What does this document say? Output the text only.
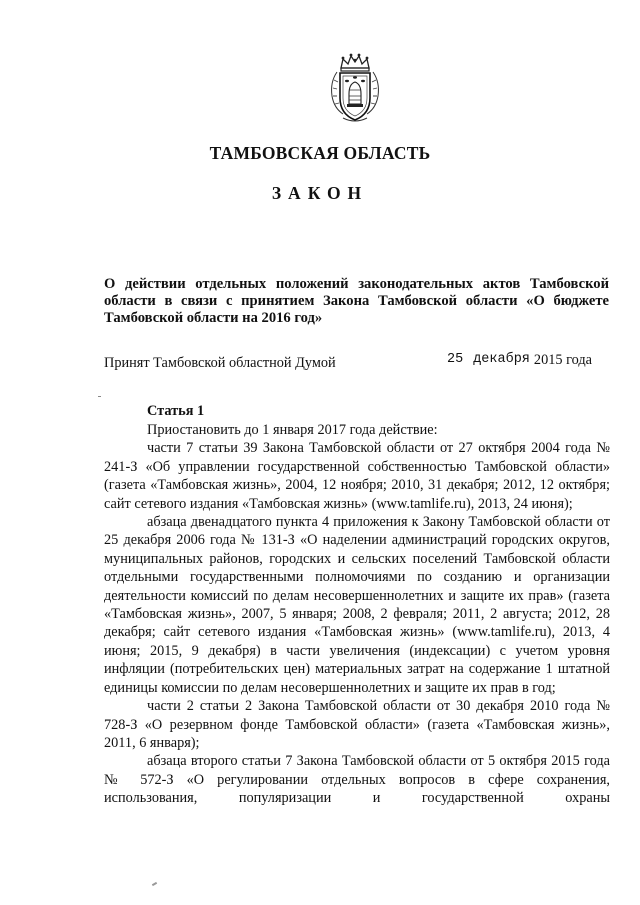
ТАМБОВСКАЯ ОБЛАСТЬ
ЗАКОН
О действии отдельных положений законодательных актов Тамбовской области в связи с принятием Закона Тамбовской области «О бюджете Тамбовской области на 2016 год»
Принят Тамбовской областной Думой	25 декабря 2015 года
Статья 1

Приостановить до 1 января 2017 года действие:

части 7 статьи 39 Закона Тамбовской области от 27 октября 2004 года № 241-З «Об управлении государственной собственностью Тамбовской области» (газета «Тамбовская жизнь», 2004, 12 ноября; 2010, 31 декабря; 2012, 12 октября; сайт сетевого издания «Тамбовская жизнь» (www.tamlife.ru), 2013, 24 июня);

абзаца двенадцатого пункта 4 приложения к Закону Тамбовской области от 25 декабря 2006 года № 131-З «О наделении администраций городских округов, муниципальных районов, городских и сельских поселений Тамбовской области отдельными государственными полномочиями по созданию и организации деятельности комиссий по делам несовершеннолетних и защите их прав» (газета «Тамбовская жизнь», 2007, 5 января; 2008, 2 февраля; 2011, 2 августа; 2012, 28 декабря; сайт сетевого издания «Тамбовская жизнь» (www.tamlife.ru), 2013, 4 июня; 2015, 9 декабря) в части увеличения (индексации) с учетом уровня инфляции (потребительских цен) материальных затрат на содержание 1 штатной единицы комиссии по делам несовершеннолетних и защите их прав в год;

части 2 статьи 2 Закона Тамбовской области от 30 декабря 2010 года № 728-З «О резервном фонде Тамбовской области» (газета «Тамбовская жизнь», 2011, 6 января);

абзаца второго статьи 7 Закона Тамбовской области от 5 октября 2015 года № 572-З «О регулировании отдельных вопросов в сфере сохранения, использования, популяризации и государственной охраны
